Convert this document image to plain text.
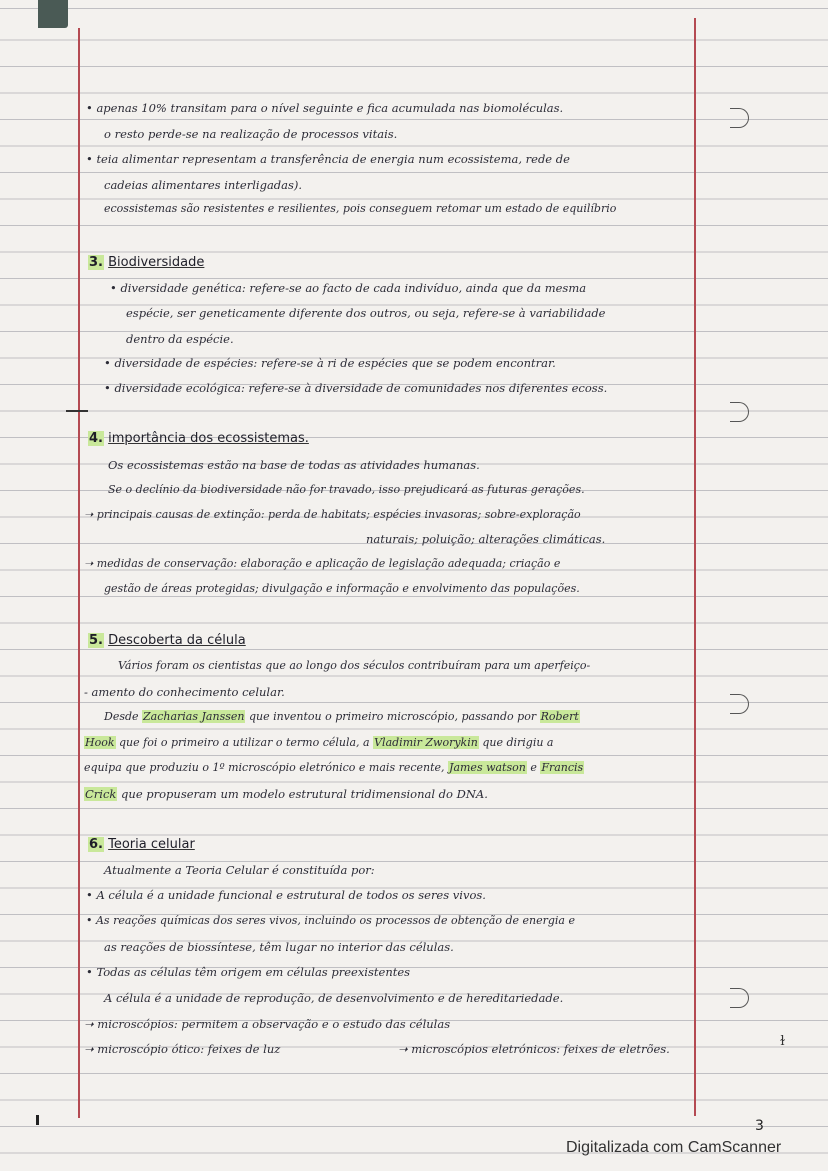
ɫ
• apenas 10% transitam para o nível seguinte e fica acumulada nas biomoléculas.
o resto perde-se na realização de processos vitais.
• teia alimentar representam a transferência de energia num ecossistema, rede de
cadeias alimentares interligadas).
ecossistemas são resistentes e resilientes, pois conseguem retomar um estado de equilíbrio
3. Biodiversidade
• diversidade genética: refere-se ao facto de cada indivíduo, ainda que da mesma
espécie, ser geneticamente diferente dos outros, ou seja, refere-se à variabilidade
dentro da espécie.
• diversidade de espécies: refere-se à ri de espécies que se podem encontrar.
• diversidade ecológica: refere-se à diversidade de comunidades nos diferentes ecoss.
4. importância dos ecossistemas.
Os ecossistemas estão na base de todas as atividades humanas.
Se o declínio da biodiversidade não for travado, isso prejudicará as futuras gerações.
➝ principais causas de extinção: perda de habitats; espécies invasoras; sobre-exploração
naturais; poluição; alterações climáticas.
➝ medidas de conservação: elaboração e aplicação de legislação adequada; criação e
gestão de áreas protegidas; divulgação e informação e envolvimento das populações.
5. Descoberta da célula
Vários foram os cientistas que ao longo dos séculos contribuíram para um aperfeiço-
- amento do conhecimento celular.
Desde Zacharias Janssen que inventou o primeiro microscópio, passando por Robert
Hook que foi o primeiro a utilizar o termo célula, a Vladimir Zworykin que dirigiu a
equipa que produziu o 1º microscópio eletrónico e mais recente, James watson e Francis
Crick que propuseram um modelo estrutural tridimensional do DNA.
6. Teoria celular
Atualmente a Teoria Celular é constituída por:
• A célula é a unidade funcional e estrutural de todos os seres vivos.
• As reações químicas dos seres vivos, incluindo os processos de obtenção de energia e
as reações de biossíntese, têm lugar no interior das células.
• Todas as células têm origem em células preexistentes
A célula é a unidade de reprodução, de desenvolvimento e de hereditariedade.
➝ microscópios: permitem a observação e o estudo das células
➝ microscópio ótico: feixes de luz	➝ microscópios eletrónicos: feixes de eletrões.
3
Digitalizada com CamScanner
